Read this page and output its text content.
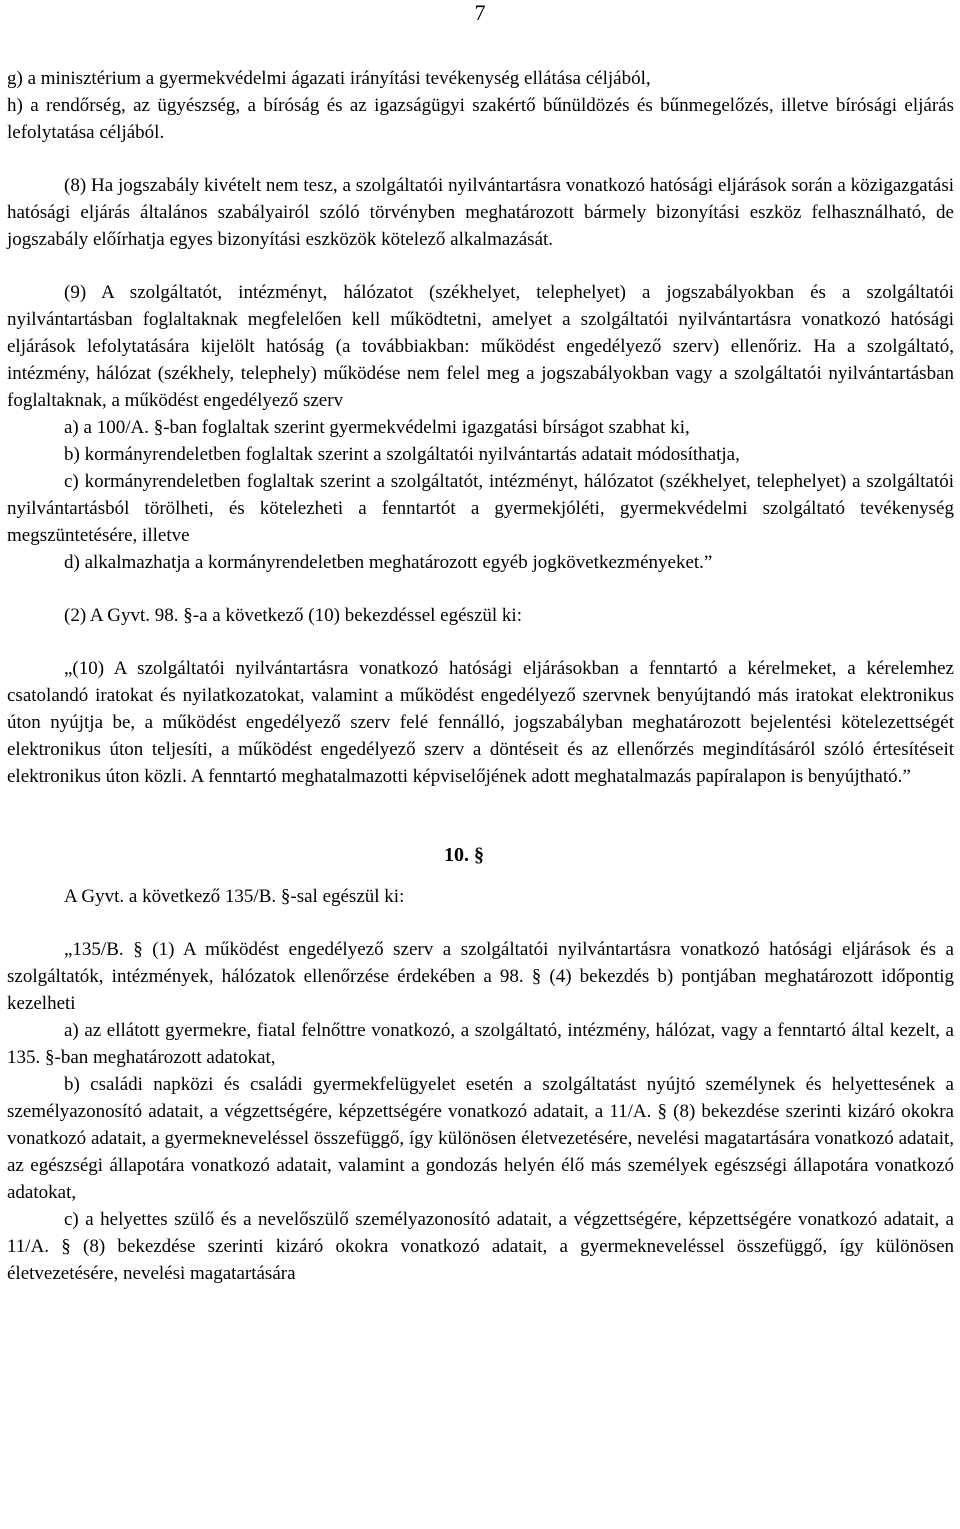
7

g) a minisztérium a gyermekvédelmi ágazati irányítási tevékenység ellátása céljából,

h) a rendőrség, az ügyészség, a bíróság és az igazságügyi szakértő bűnüldözés és bűnmegelőzés, illetve bírósági eljárás lefolytatása céljából.

(8) Ha jogszabály kivételt nem tesz, a szolgáltatói nyilvántartásra vonatkozó hatósági eljárások során a közigazgatási hatósági eljárás általános szabályairól szóló törvényben meghatározott bármely bizonyítási eszköz felhasználható, de jogszabály előírhatja egyes bizonyítási eszközök kötelező alkalmazását.

(9) A szolgáltatót, intézményt, hálózatot (székhelyet, telephelyet) a jogszabályokban és a szolgáltatói nyilvántartásban foglaltaknak megfelelően kell működtetni, amelyet a szolgáltatói nyilvántartásra vonatkozó hatósági eljárások lefolytatására kijelölt hatóság (a továbbiakban: működést engedélyező szerv) ellenőriz. Ha a szolgáltató, intézmény, hálózat (székhely, telephely) működése nem felel meg a jogszabályokban vagy a szolgáltatói nyilvántartásban foglaltaknak, a működést engedélyező szerv

a) a 100/A. §-ban foglaltak szerint gyermekvédelmi igazgatási bírságot szabhat ki,

b) kormányrendeletben foglaltak szerint a szolgáltatói nyilvántartás adatait módosíthatja,

c) kormányrendeletben foglaltak szerint a szolgáltatót, intézményt, hálózatot (székhelyet, telephelyet) a szolgáltatói nyilvántartásból törölheti, és kötelezheti a fenntartót a gyermekjóléti, gyermekvédelmi szolgáltató tevékenység megszüntetésére, illetve

d) alkalmazhatja a kormányrendeletben meghatározott egyéb jogkövetkezményeket.”

(2) A Gyvt. 98. §-a a következő (10) bekezdéssel egészül ki:

„(10) A szolgáltatói nyilvántartásra vonatkozó hatósági eljárásokban a fenntartó a kérelmeket, a kérelemhez csatolandó iratokat és nyilatkozatokat, valamint a működést engedélyező szervnek benyújtandó más iratokat elektronikus úton nyújtja be, a működést engedélyező szerv felé fennálló, jogszabályban meghatározott bejelentési kötelezettségét elektronikus úton teljesíti, a működést engedélyező szerv a döntéseit és az ellenőrzés megindításáról szóló értesítéseit elektronikus úton közli. A fenntartó meghatalmazotti képviselőjének adott meghatalmazás papíralapon is benyújtható.”

10. §

A Gyvt. a következő 135/B. §-sal egészül ki:

„135/B. § (1) A működést engedélyező szerv a szolgáltatói nyilvántartásra vonatkozó hatósági eljárások és a szolgáltatók, intézmények, hálózatok ellenőrzése érdekében a 98. § (4) bekezdés b) pontjában meghatározott időpontig kezelheti

a) az ellátott gyermekre, fiatal felnőttre vonatkozó, a szolgáltató, intézmény, hálózat, vagy a fenntartó által kezelt, a 135. §-ban meghatározott adatokat,

b) családi napközi és családi gyermekfelügyelet esetén a szolgáltatást nyújtó személynek és helyettesének a személyazonosító adatait, a végzettségére, képzettségére vonatkozó adatait, a 11/A. § (8) bekezdése szerinti kizáró okokra vonatkozó adatait, a gyermekneveléssel összefüggő, így különösen életvezetésére, nevelési magatartására vonatkozó adatait, az egészségi állapotára vonatkozó adatait, valamint a gondozás helyén élő más személyek egészségi állapotára vonatkozó adatokat,

c) a helyettes szülő és a nevelőszülő személyazonosító adatait, a végzettségére, képzettségére vonatkozó adatait, a 11/A. § (8) bekezdése szerinti kizáró okokra vonatkozó adatait, a gyermekneveléssel összefüggő, így különösen életvezetésére, nevelési magatartására
